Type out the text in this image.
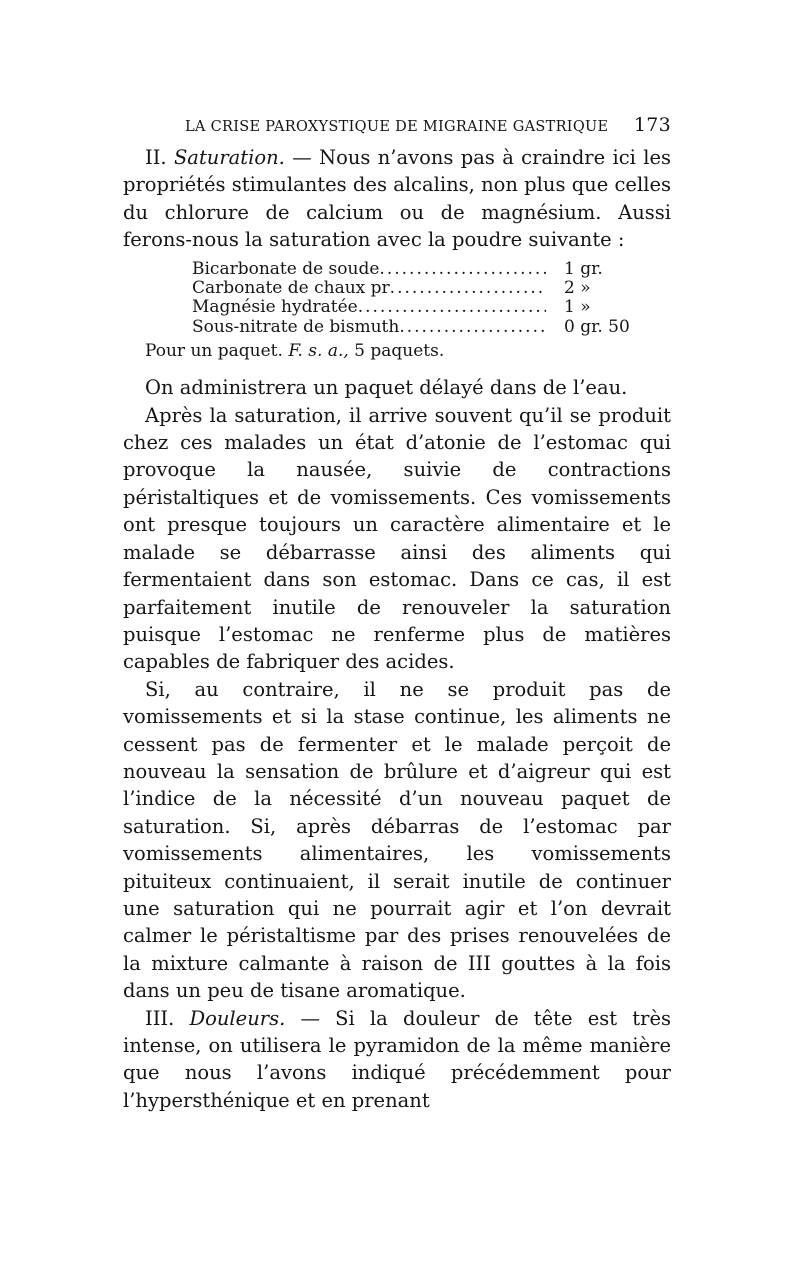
LA CRISE PAROXYSTIQUE DE MIGRAINE GASTRIQUE 173

II. Saturation. — Nous n’avons pas à craindre ici les propriétés stimulantes des alcalins, non plus que celles du chlorure de calcium ou de magnésium. Aussi ferons-nous la saturation avec la poudre suivante :

Bicarbonate de soude .....	1 gr.
Carbonate de chaux pr .....	2 »
Magnésie hydratée .....	1 »
Sous-nitrate de bismuth .....	0 gr. 50
Pour un paquet. F. s. a., 5 paquets.

On administrera un paquet délayé dans de l’eau.

Après la saturation, il arrive souvent qu’il se produit chez ces malades un état d’atonie de l’estomac qui provoque la nausée, suivie de contractions péristaltiques et de vomissements. Ces vomissements ont presque toujours un caractère alimentaire et le malade se débarrasse ainsi des aliments qui fermentaient dans son estomac. Dans ce cas, il est parfaitement inutile de renouveler la saturation puisque l’estomac ne renferme plus de matières capables de fabriquer des acides.

Si, au contraire, il ne se produit pas de vomissements et si la stase continue, les aliments ne cessent pas de fermenter et le malade perçoit de nouveau la sensation de brûlure et d’aigreur qui est l’indice de la nécessité d’un nouveau paquet de saturation. Si, après débarras de l’estomac par vomissements alimentaires, les vomissements pituiteux continuaient, il serait inutile de continuer une saturation qui ne pourrait agir et l’on devrait calmer le péristaltisme par des prises renouvelées de la mixture calmante à raison de III gouttes à la fois dans un peu de tisane aromatique.

III. Douleurs. — Si la douleur de tête est très intense, on utilisera le pyramidon de la même manière que nous l’avons indiqué précédemment pour l’hypersthénique et en prenant
